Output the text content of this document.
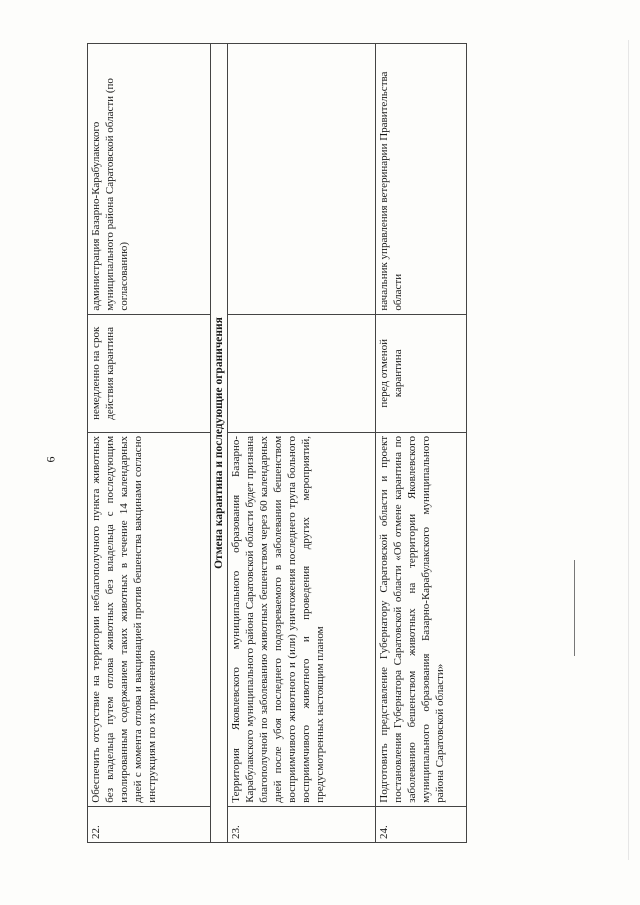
6
22.	Обеспечить отсутствие на территории неблагополучного пункта животных без владельца путем отлова животных без владельца с последующим изолированным содержанием таких животных в течение 14 календарных дней с момента отлова и вакцинацией против бешенства вакцинами согласно инструкциям по их применению	немедленно на срок действия карантина	администрация Базарно-Карабулакского муниципального района Саратовской области (по согласованию)
Отмена карантина и последующие ограничения			
23.	Территория Яковлевского муниципального образования Базарно-Карабулакского муниципального района Саратовской области будет признана благополучной по заболеванию животных бешенством через 60 календарных дней после убоя последнего подозреваемого в заболевании бешенством восприимчивого животного и (или) уничтожения последнего трупа больного восприимчивого животного и проведения других мероприятий, предусмотренных настоящим планом		
24.	Подготовить представление Губернатору Саратовской области и проект постановления Губернатора Саратовской области «Об отмене карантина по заболеванию бешенством животных на территории Яковлевского муниципального образования Базарно-Карабулакского муниципального района Саратовской области»	перед отменой карантина	начальник управления ветеринарии Правительства области
